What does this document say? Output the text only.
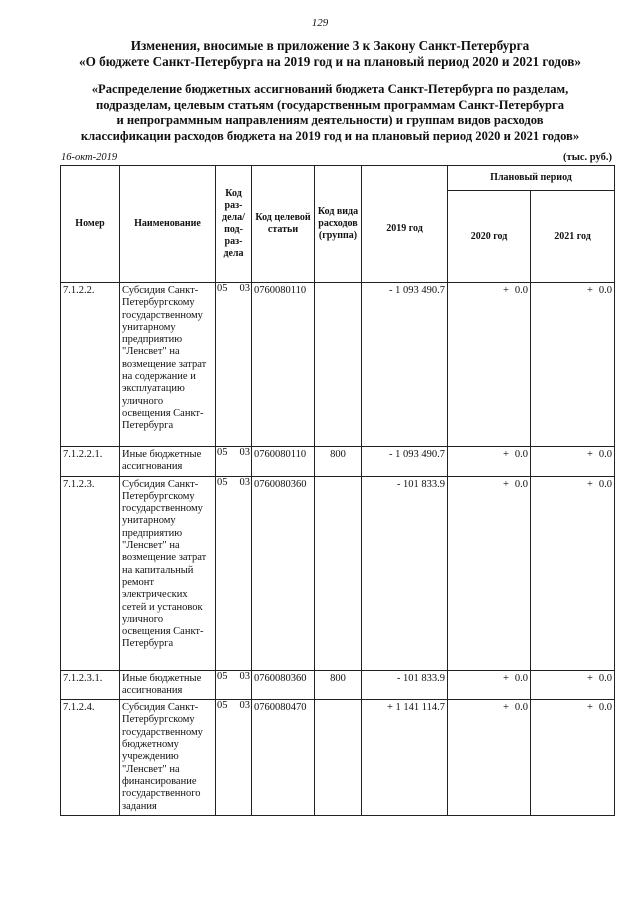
129
Изменения, вносимые в приложение 3 к Закону Санкт-Петербурга
«О бюджете Санкт-Петербурга на 2019 год и на плановый период 2020 и 2021 годов»
«Распределение бюджетных ассигнований бюджета Санкт-Петербурга по разделам,
подразделам, целевым статьям (государственным программам Санкт-Петербурга
и непрограммным направлениям деятельности) и группам видов расходов
классификации расходов бюджета на 2019 год и на плановый период 2020 и 2021 годов»
16-окт-2019	(тыс. руб.)
Номер	Наименование	Код раз-дела/ под-раз-дела	Код целевой статьи	Код вида расходов (группа)	2019 год	Плановый период	
						2020 год	2021 год
7.1.2.2.	Субсидия Санкт-Петербургскому государственному унитарному предприятию "Ленсвет" на возмещение затрат на содержание и эксплуатацию уличного освещения Санкт-Петербурга	05 03	0760080110		- 1 093 490.7	+ 0.0	+ 0.0
7.1.2.2.1.	Иные бюджетные ассигнования	05 03	0760080110	800	- 1 093 490.7	+ 0.0	+ 0.0
7.1.2.3.	Субсидия Санкт-Петербургскому государственному унитарному предприятию "Ленсвет" на возмещение затрат на капитальный ремонт электрических сетей и установок уличного освещения Санкт-Петербурга	05 03	0760080360		- 101 833.9	+ 0.0	+ 0.0
7.1.2.3.1.	Иные бюджетные ассигнования	05 03	0760080360	800	- 101 833.9	+ 0.0	+ 0.0
7.1.2.4.	Субсидия Санкт-Петербургскому государственному бюджетному учреждению "Ленсвет" на финансирование государственного задания	05 03	0760080470		+ 1 141 114.7	+ 0.0	+ 0.0
